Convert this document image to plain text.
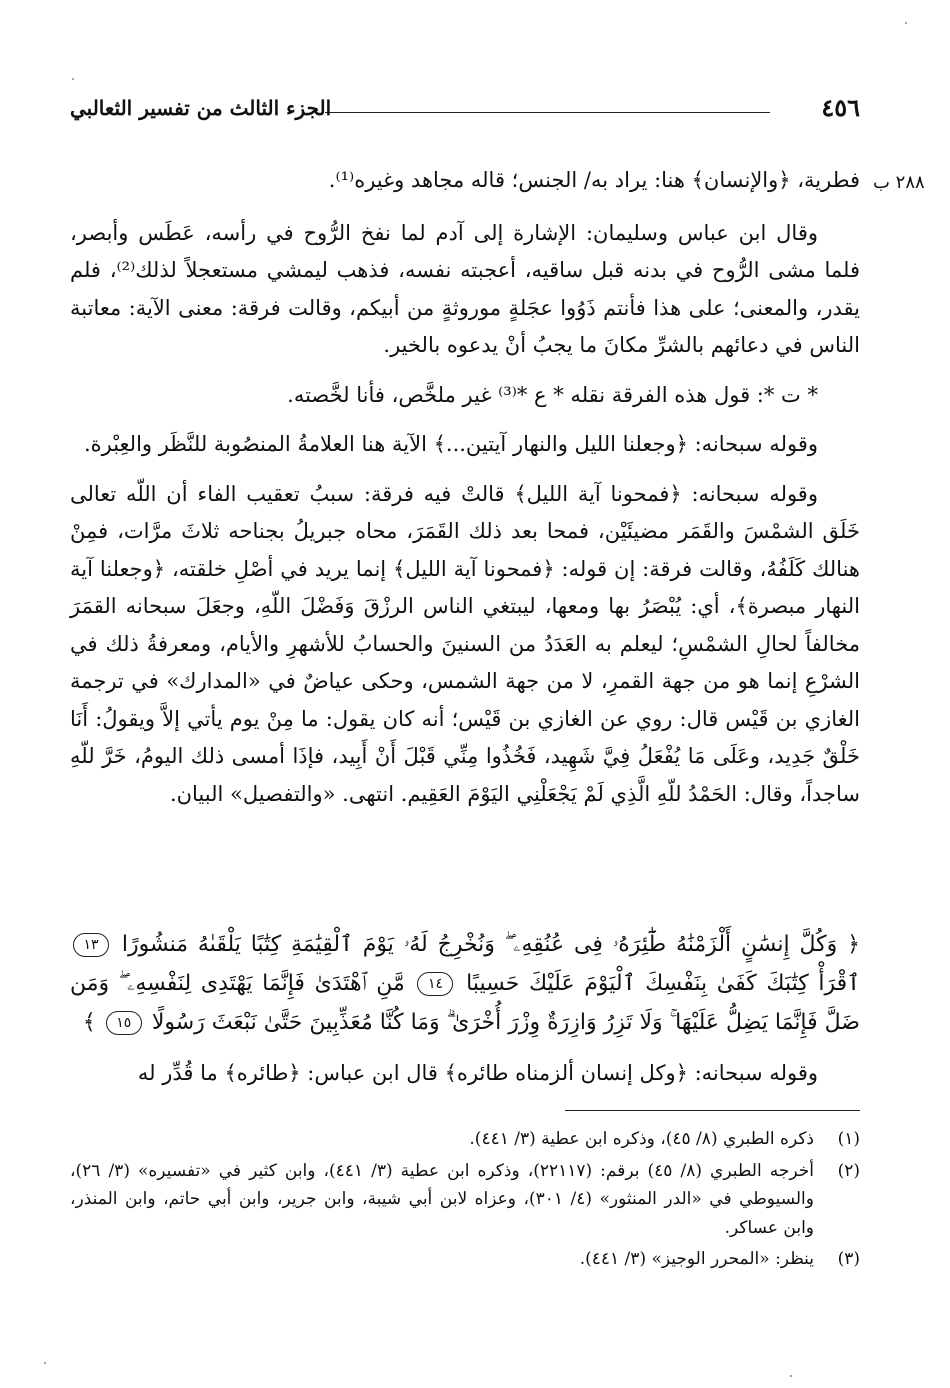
٤٥٦
الجزء الثالث من تفسير الثعالبي
٢٨٨ ب

فطرية، ﴿والإنسان﴾ هنا: يراد به/ الجنس؛ قاله مجاهد وغيره⁽¹⁾.

وقال ابن عباس وسليمان: الإشارة إلى آدم لما نفخ الرُّوح في رأسه، عَطَس وأبصر، فلما مشى الرُّوح في بدنه قبل ساقيه، أعجبته نفسه، فذهب ليمشي مستعجلاً لذلك⁽²⁾، فلم يقدر، والمعنى؛ على هذا فأنتم ذَوُوا عجَلةٍ موروثةٍ من أبيكم، وقالت فرقة: معنى الآية: معاتبة الناس في دعائهم بالشرِّ مكانَ ما يجبُ أنْ يدعوه بالخير.

* ت *: قول هذه الفرقة نقله * ع *⁽³⁾ غير ملخَّص، فأنا لخَّصته.

وقوله سبحانه: ﴿وجعلنا الليل والنهار آيتين...﴾ الآية هنا العلامةُ المنصُوبة للنَّظَر والعِبْرة.

وقوله سبحانه: ﴿فمحونا آية الليل﴾ قالتْ فيه فرقة: سببُ تعقيب الفاء أن اللّه تعالى خَلَق الشمْسَ والقَمَر مضيئَيْن، فمحا بعد ذلك القَمَرَ، محاه جبريلُ بجناحه ثلاثَ مرَّات، فمِنْ هنالك كَلَفُهُ، وقالت فرقة: إن قوله: ﴿فمحونا آية الليل﴾ إنما يريد في أصْلِ خلقته، ﴿وجعلنا آية النهار مبصرة﴾، أي: يُبْصَرُ بها ومعها، ليبتغي الناس الرزْقَ وَفَضْلَ اللّهِ، وجعَلَ سبحانه القمَرَ مخالفاً لحالِ الشمْسِ؛ ليعلم به العَدَدُ من السنينَ والحسابُ للأشهرِ والأيام، ومعرفةُ ذلك في الشرْعِ إنما هو من جهة القمرِ، لا من جهة الشمس، وحكى عياضٌ في «المدارك» في ترجمة الغازي بن قَيْس قال: روي عن الغازي بن قَيْس؛ أنه كان يقول: ما مِنْ يوم يأتي إلاَّ ويقولُ: أَنَا خَلْقٌ جَدِيد، وعَلَى مَا يُفْعَلُ فِيَّ شَهِيد، فَخُذُوا مِنِّي قَبْلَ أَنْ أَبِيد، فإذَا أمسى ذلك اليومُ، خَرَّ للّهِ ساجداً، وقال: الحَمْدُ للّهِ الَّذِي لَمْ يَجْعَلْنِي اليَوْمَ العَقِيم. انتهى. «والتفصيل» البيان.

﴿ وَكُلَّ إِنسَٰنٍ أَلْزَمْنَٰهُ طَٰٓئِرَهُۥ فِى عُنُقِهِۦ ۖ وَنُخْرِجُ لَهُۥ يَوْمَ ٱلْقِيَٰمَةِ كِتَٰبًا يَلْقَىٰهُ مَنشُورًا ١٣ ٱقْرَأْ كِتَٰبَكَ كَفَىٰ بِنَفْسِكَ ٱلْيَوْمَ عَلَيْكَ حَسِيبًا ١٤ مَّنِ ٱهْتَدَىٰ فَإِنَّمَا يَهْتَدِى لِنَفْسِهِۦ ۖ وَمَن ضَلَّ فَإِنَّمَا يَضِلُّ عَلَيْهَا ۚ وَلَا تَزِرُ وَازِرَةٌ وِزْرَ أُخْرَىٰ ۗ وَمَا كُنَّا مُعَذِّبِينَ حَتَّىٰ نَبْعَثَ رَسُولًا ١٥ ﴾
وقوله سبحانه: ﴿وكل إنسان ألزمناه طائره﴾ قال ابن عباس: ﴿طائره﴾ ما قُدِّر له
(١)
ذكره الطبري (٨/ ٤٥)، وذكره ابن عطية (٣/ ٤٤١).
(٢)
أخرجه الطبري (٨/ ٤٥) برقم: (٢٢١١٧)، وذكره ابن عطية (٣/ ٤٤١)، وابن كثير في «تفسيره» (٣/ ٢٦)، والسيوطي في «الدر المنثور» (٤/ ٣٠١)، وعزاه لابن أبي شيبة، وابن جرير، وابن أبي حاتم، وابن المنذر، وابن عساكر.
(٣)
ينظر: «المحرر الوجيز» (٣/ ٤٤١).
